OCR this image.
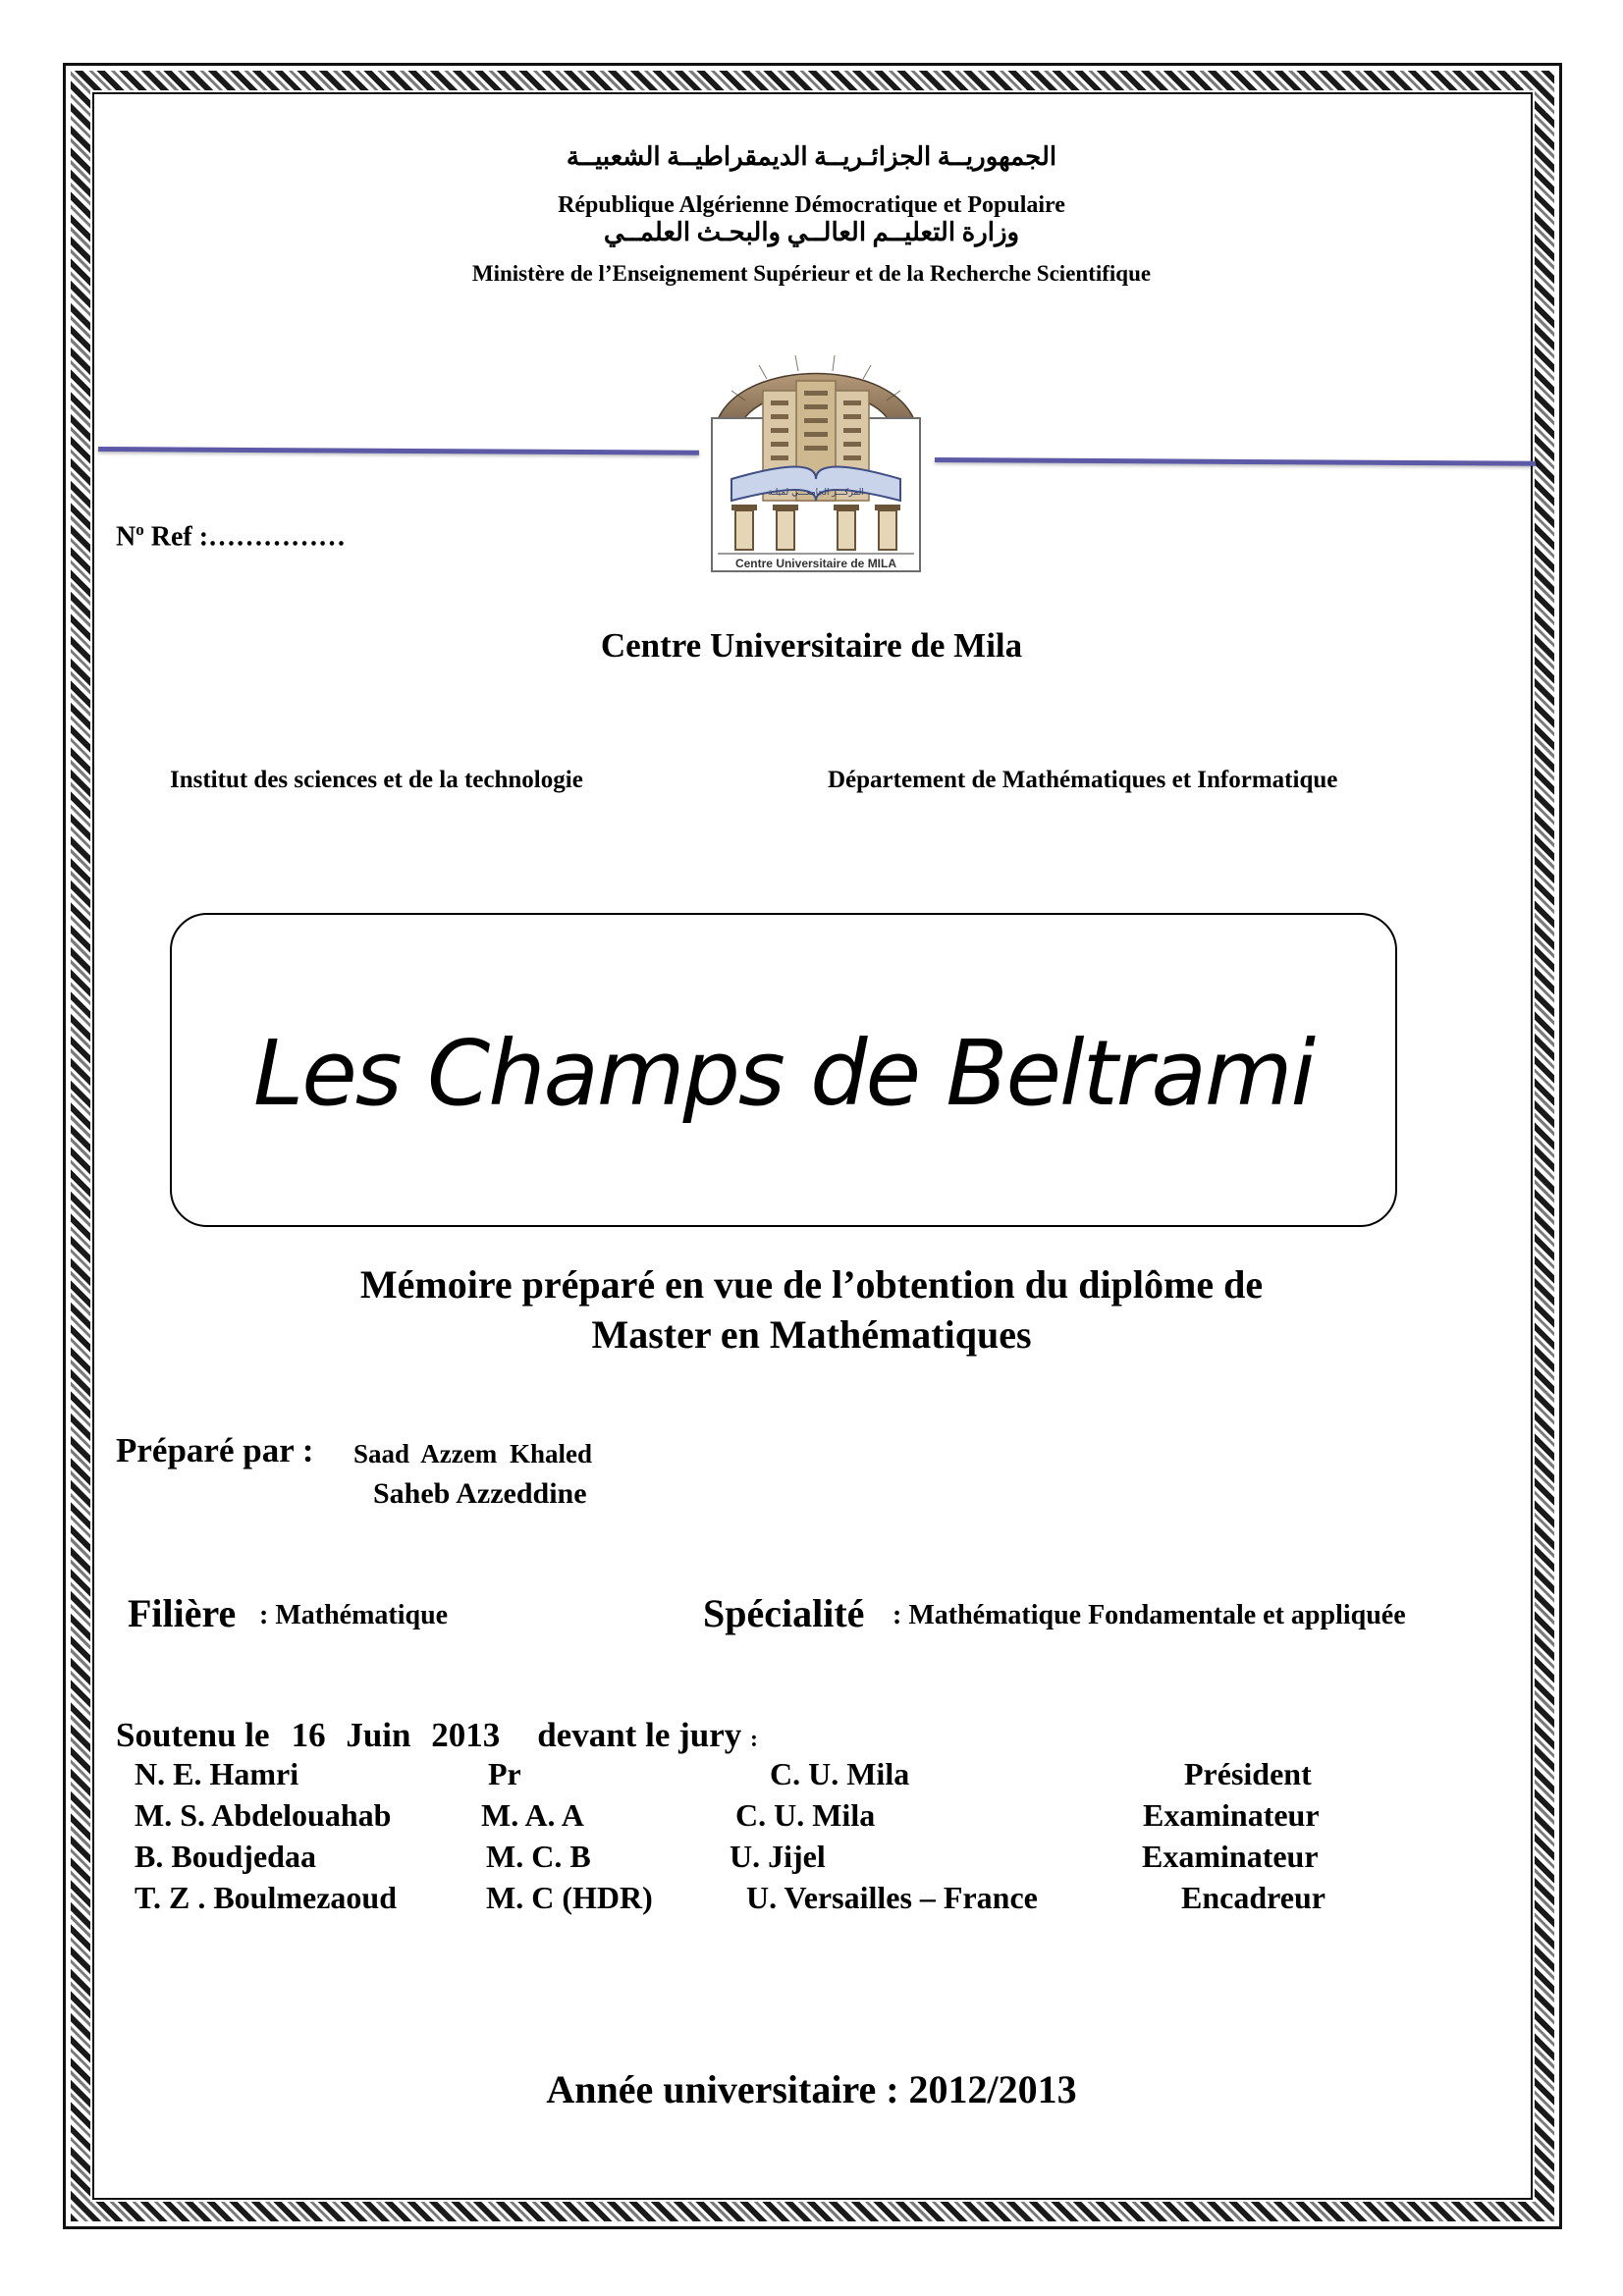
الجمهوريــة الجزائـريــة الديمقراطيــة الشعبيــة
République Algérienne Démocratique et Populaire
وزارة التعليــم العالــي والبحـث العلمــي
Ministère de l’Enseignement Supérieur et de la Recherche Scientifique
المركـــز الجامعـــي لميلـة
Centre Universitaire de MILA
$N^o$ Ref :……………
Centre Universitaire de Mila
Institut des sciences et de la technologie	Département de Mathématiques et Informatique
Les Champs de Beltrami
Mémoire préparé en vue de l’obtention du diplôme de
Master en Mathématiques
Préparé par : Saad Azzem Khaled
Saheb Azzeddine
Filière : Mathématique	Spécialité : Mathématique Fondamentale et appliquée
Soutenu le 16 Juin 2013 devant le jury :
N. E. Hamri	Pr	C. U. Mila	Président
M. S. Abdelouahab	M. A. A	C. U. Mila	Examinateur
B. Boudjedaa	M. C. B	U. Jijel	Examinateur
T. Z . Boulmezaoud	M. C (HDR)	U. Versailles – France	Encadreur
Année universitaire : 2012/2013
